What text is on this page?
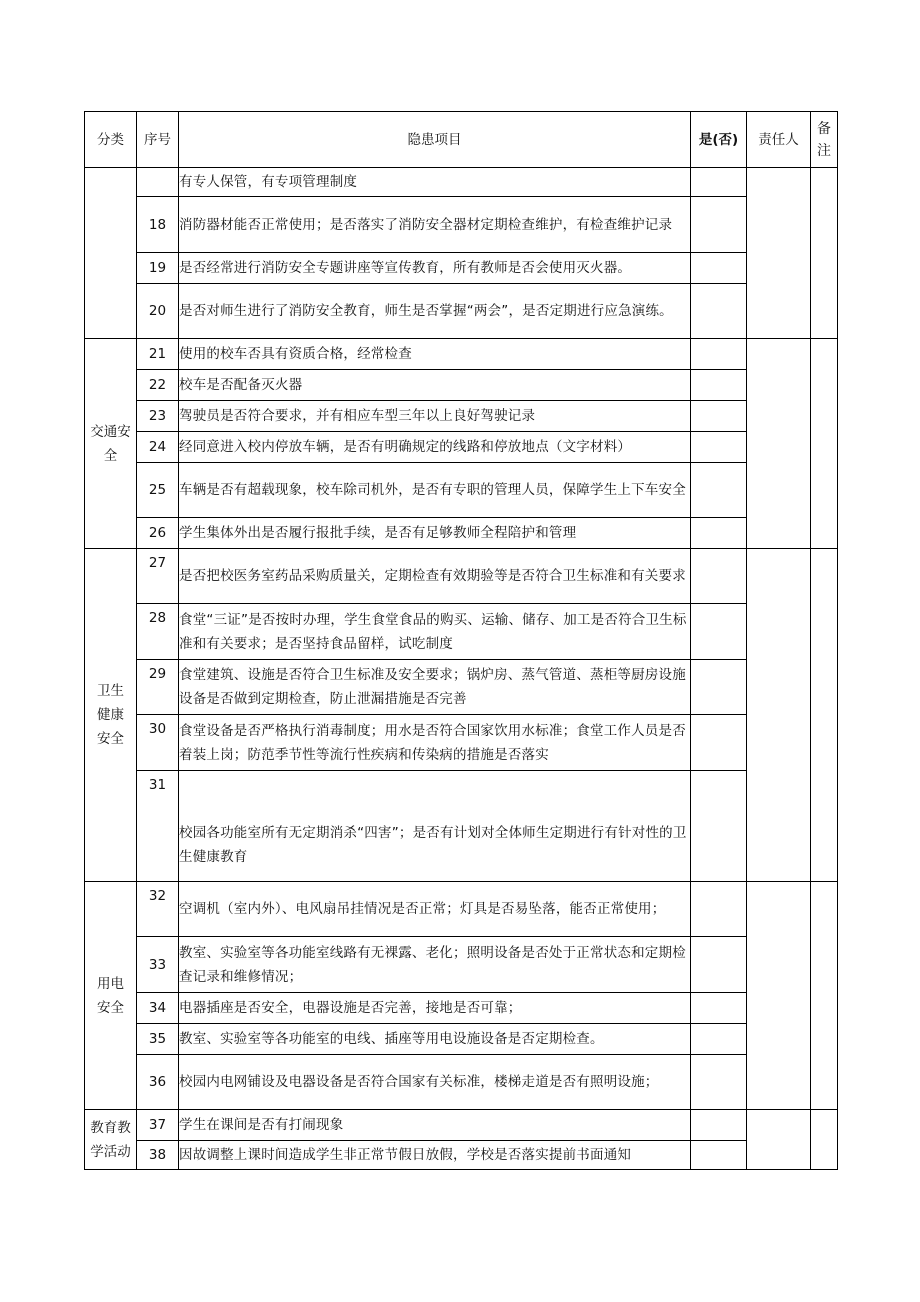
分类	序号	隐患项目	是(否)	责任人	备注
		有专人保管，有专项管理制度			
	18	消防器材能否正常使用；是否落实了消防安全器材定期检查维护，有检查维护记录			
	19	是否经常进行消防安全专题讲座等宣传教育，所有教师是否会使用灭火器。			
	20	是否对师生进行了消防安全教育，师生是否掌握“两会”，是否定期进行应急演练。			
交通安全	21	使用的校车否具有资质合格，经常检查			
	22	校车是否配备灭火器			
	23	驾驶员是否符合要求，并有相应车型三年以上良好驾驶记录			
	24	经同意进入校内停放车辆，是否有明确规定的线路和停放地点（文字材料）			
	25	车辆是否有超载现象，校车除司机外，是否有专职的管理人员，保障学生上下车安全			
	26	学生集体外出是否履行报批手续，是否有足够教师全程陪护和管理			
卫生健康安全	27	是否把校医务室药品采购质量关，定期检查有效期验等是否符合卫生标准和有关要求			
	28	食堂“三证”是否按时办理，学生食堂食品的购买、运输、储存、加工是否符合卫生标准和有关要求；是否坚持食品留样，试吃制度			
	29	食堂建筑、设施是否符合卫生标准及安全要求；锅炉房、蒸气管道、蒸柜等厨房设施设备是否做到定期检查，防止泄漏措施是否完善			
	30	食堂设备是否严格执行消毒制度；用水是否符合国家饮用水标准；食堂工作人员是否着装上岗；防范季节性等流行性疾病和传染病的措施是否落实			
	31	校园各功能室所有无定期消杀“四害”；是否有计划对全体师生定期进行有针对性的卫生健康教育			
用电安全	32	空调机（室内外）、电风扇吊挂情况是否正常；灯具是否易坠落，能否正常使用；			
	33	教室、实验室等各功能室线路有无裸露、老化；照明设备是否处于正常状态和定期检查记录和维修情况；			
	34	电器插座是否安全，电器设施是否完善，接地是否可靠；			
	35	教室、实验室等各功能室的电线、插座等用电设施设备是否定期检查。			
	36	校园内电网铺设及电器设备是否符合国家有关标准，楼梯走道是否有照明设施；			
教育教学活动	37	学生在课间是否有打闹现象			
	38	因故调整上课时间造成学生非正常节假日放假，学校是否落实提前书面通知			
